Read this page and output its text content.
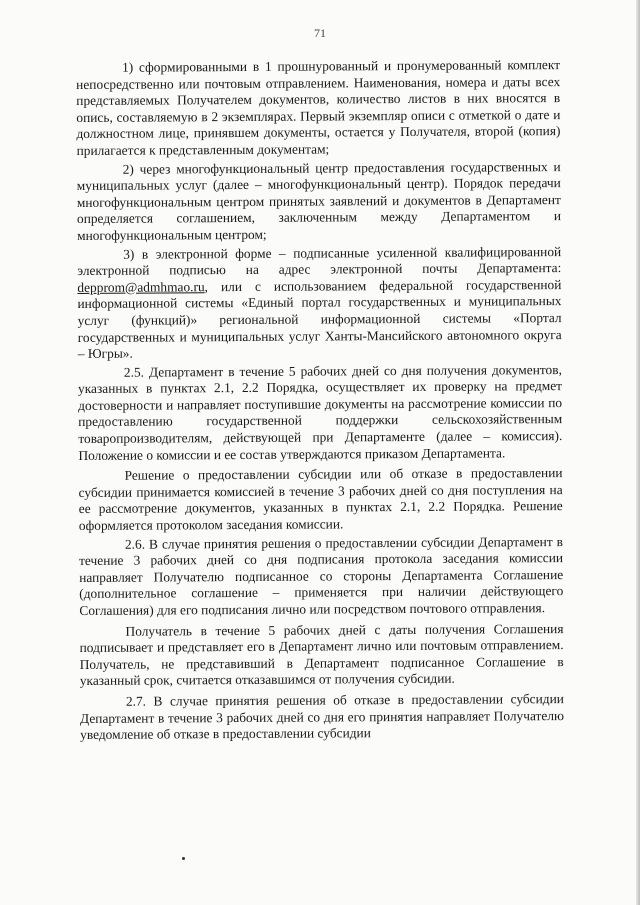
71

1) сформированными в 1 прошнурованный и пронумерованный комплект непосредственно или почтовым отправлением. Наименования, номера и даты всех представляемых Получателем документов, количество листов в них вносятся в опись, составляемую в 2 экземплярах. Первый экземпляр описи с отметкой о дате и должностном лице, принявшем документы, остается у Получателя, второй (копия) прилагается к представленным документам;

2) через многофункциональный центр предоставления государственных и муниципальных услуг (далее – многофункциональный центр). Порядок передачи многофункциональным центром принятых заявлений и документов в Департамент определяется соглашением, заключенным между Департаментом и многофункциональным центром;

3) в электронной форме – подписанные усиленной квалифицированной электронной подписью на адрес электронной почты Департамента: depprom@admhmao.ru, или с использованием федеральной государственной информационной системы «Единый портал государственных и муниципальных услуг (функций)» региональной информационной системы «Портал государственных и муниципальных услуг Ханты-Мансийского автономного округа – Югры».

2.5. Департамент в течение 5 рабочих дней со дня получения документов, указанных в пунктах 2.1, 2.2 Порядка, осуществляет их проверку на предмет достоверности и направляет поступившие документы на рассмотрение комиссии по предоставлению государственной поддержки сельскохозяйственным товаропроизводителям, действующей при Департаменте (далее – комиссия). Положение о комиссии и ее состав утверждаются приказом Департамента.

Решение о предоставлении субсидии или об отказе в предоставлении субсидии принимается комиссией в течение 3 рабочих дней со дня поступления на ее рассмотрение документов, указанных в пунктах 2.1, 2.2 Порядка. Решение оформляется протоколом заседания комиссии.

2.6. В случае принятия решения о предоставлении субсидии Департамент в течение 3 рабочих дней со дня подписания протокола заседания комиссии направляет Получателю подписанное со стороны Департамента Соглашение (дополнительное соглашение – применяется при наличии действующего Соглашения) для его подписания лично или посредством почтового отправления.

Получатель в течение 5 рабочих дней с даты получения Соглашения подписывает и представляет его в Департамент лично или почтовым отправлением. Получатель, не представивший в Департамент подписанное Соглашение в указанный срок, считается отказавшимся от получения субсидии.

2.7. В случае принятия решения об отказе в предоставлении субсидии Департамент в течение 3 рабочих дней со дня его принятия направляет Получателю уведомление об отказе в предоставлении субсидии
